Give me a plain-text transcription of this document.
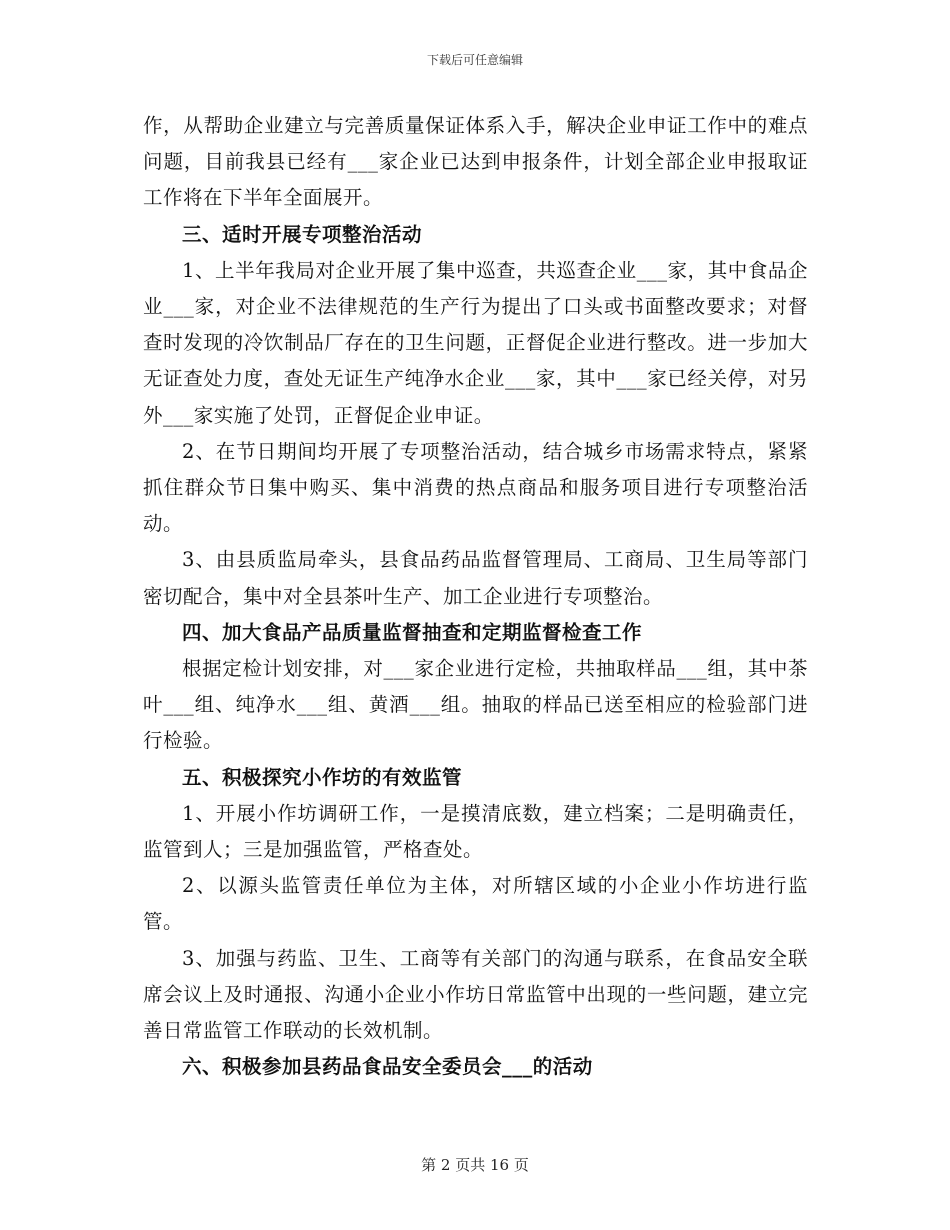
下载后可任意编辑

作，从帮助企业建立与完善质量保证体系入手，解决企业申证工作中的难点问题，目前我县已经有___家企业已达到申报条件，计划全部企业申报取证工作将在下半年全面展开。

三、适时开展专项整治活动

1、上半年我局对企业开展了集中巡查，共巡查企业___家，其中食品企业___家，对企业不法律规范的生产行为提出了口头或书面整改要求；对督查时发现的冷饮制品厂存在的卫生问题，正督促企业进行整改。进一步加大无证查处力度，查处无证生产纯净水企业___家，其中___家已经关停，对另外___家实施了处罚，正督促企业申证。

2、在节日期间均开展了专项整治活动，结合城乡市场需求特点，紧紧抓住群众节日集中购买、集中消费的热点商品和服务项目进行专项整治活动。

3、由县质监局牵头，县食品药品监督管理局、工商局、卫生局等部门密切配合，集中对全县茶叶生产、加工企业进行专项整治。

四、加大食品产品质量监督抽查和定期监督检查工作

根据定检计划安排，对___家企业进行定检，共抽取样品___组，其中茶叶___组、纯净水___组、黄酒___组。抽取的样品已送至相应的检验部门进行检验。

五、积极探究小作坊的有效监管

1、开展小作坊调研工作，一是摸清底数，建立档案；二是明确责任，监管到人；三是加强监管，严格查处。

2、以源头监管责任单位为主体，对所辖区域的小企业小作坊进行监管。

3、加强与药监、卫生、工商等有关部门的沟通与联系，在食品安全联席会议上及时通报、沟通小企业小作坊日常监管中出现的一些问题，建立完善日常监管工作联动的长效机制。

六、积极参加县药品食品安全委员会___的活动

第 2 页共 16 页
